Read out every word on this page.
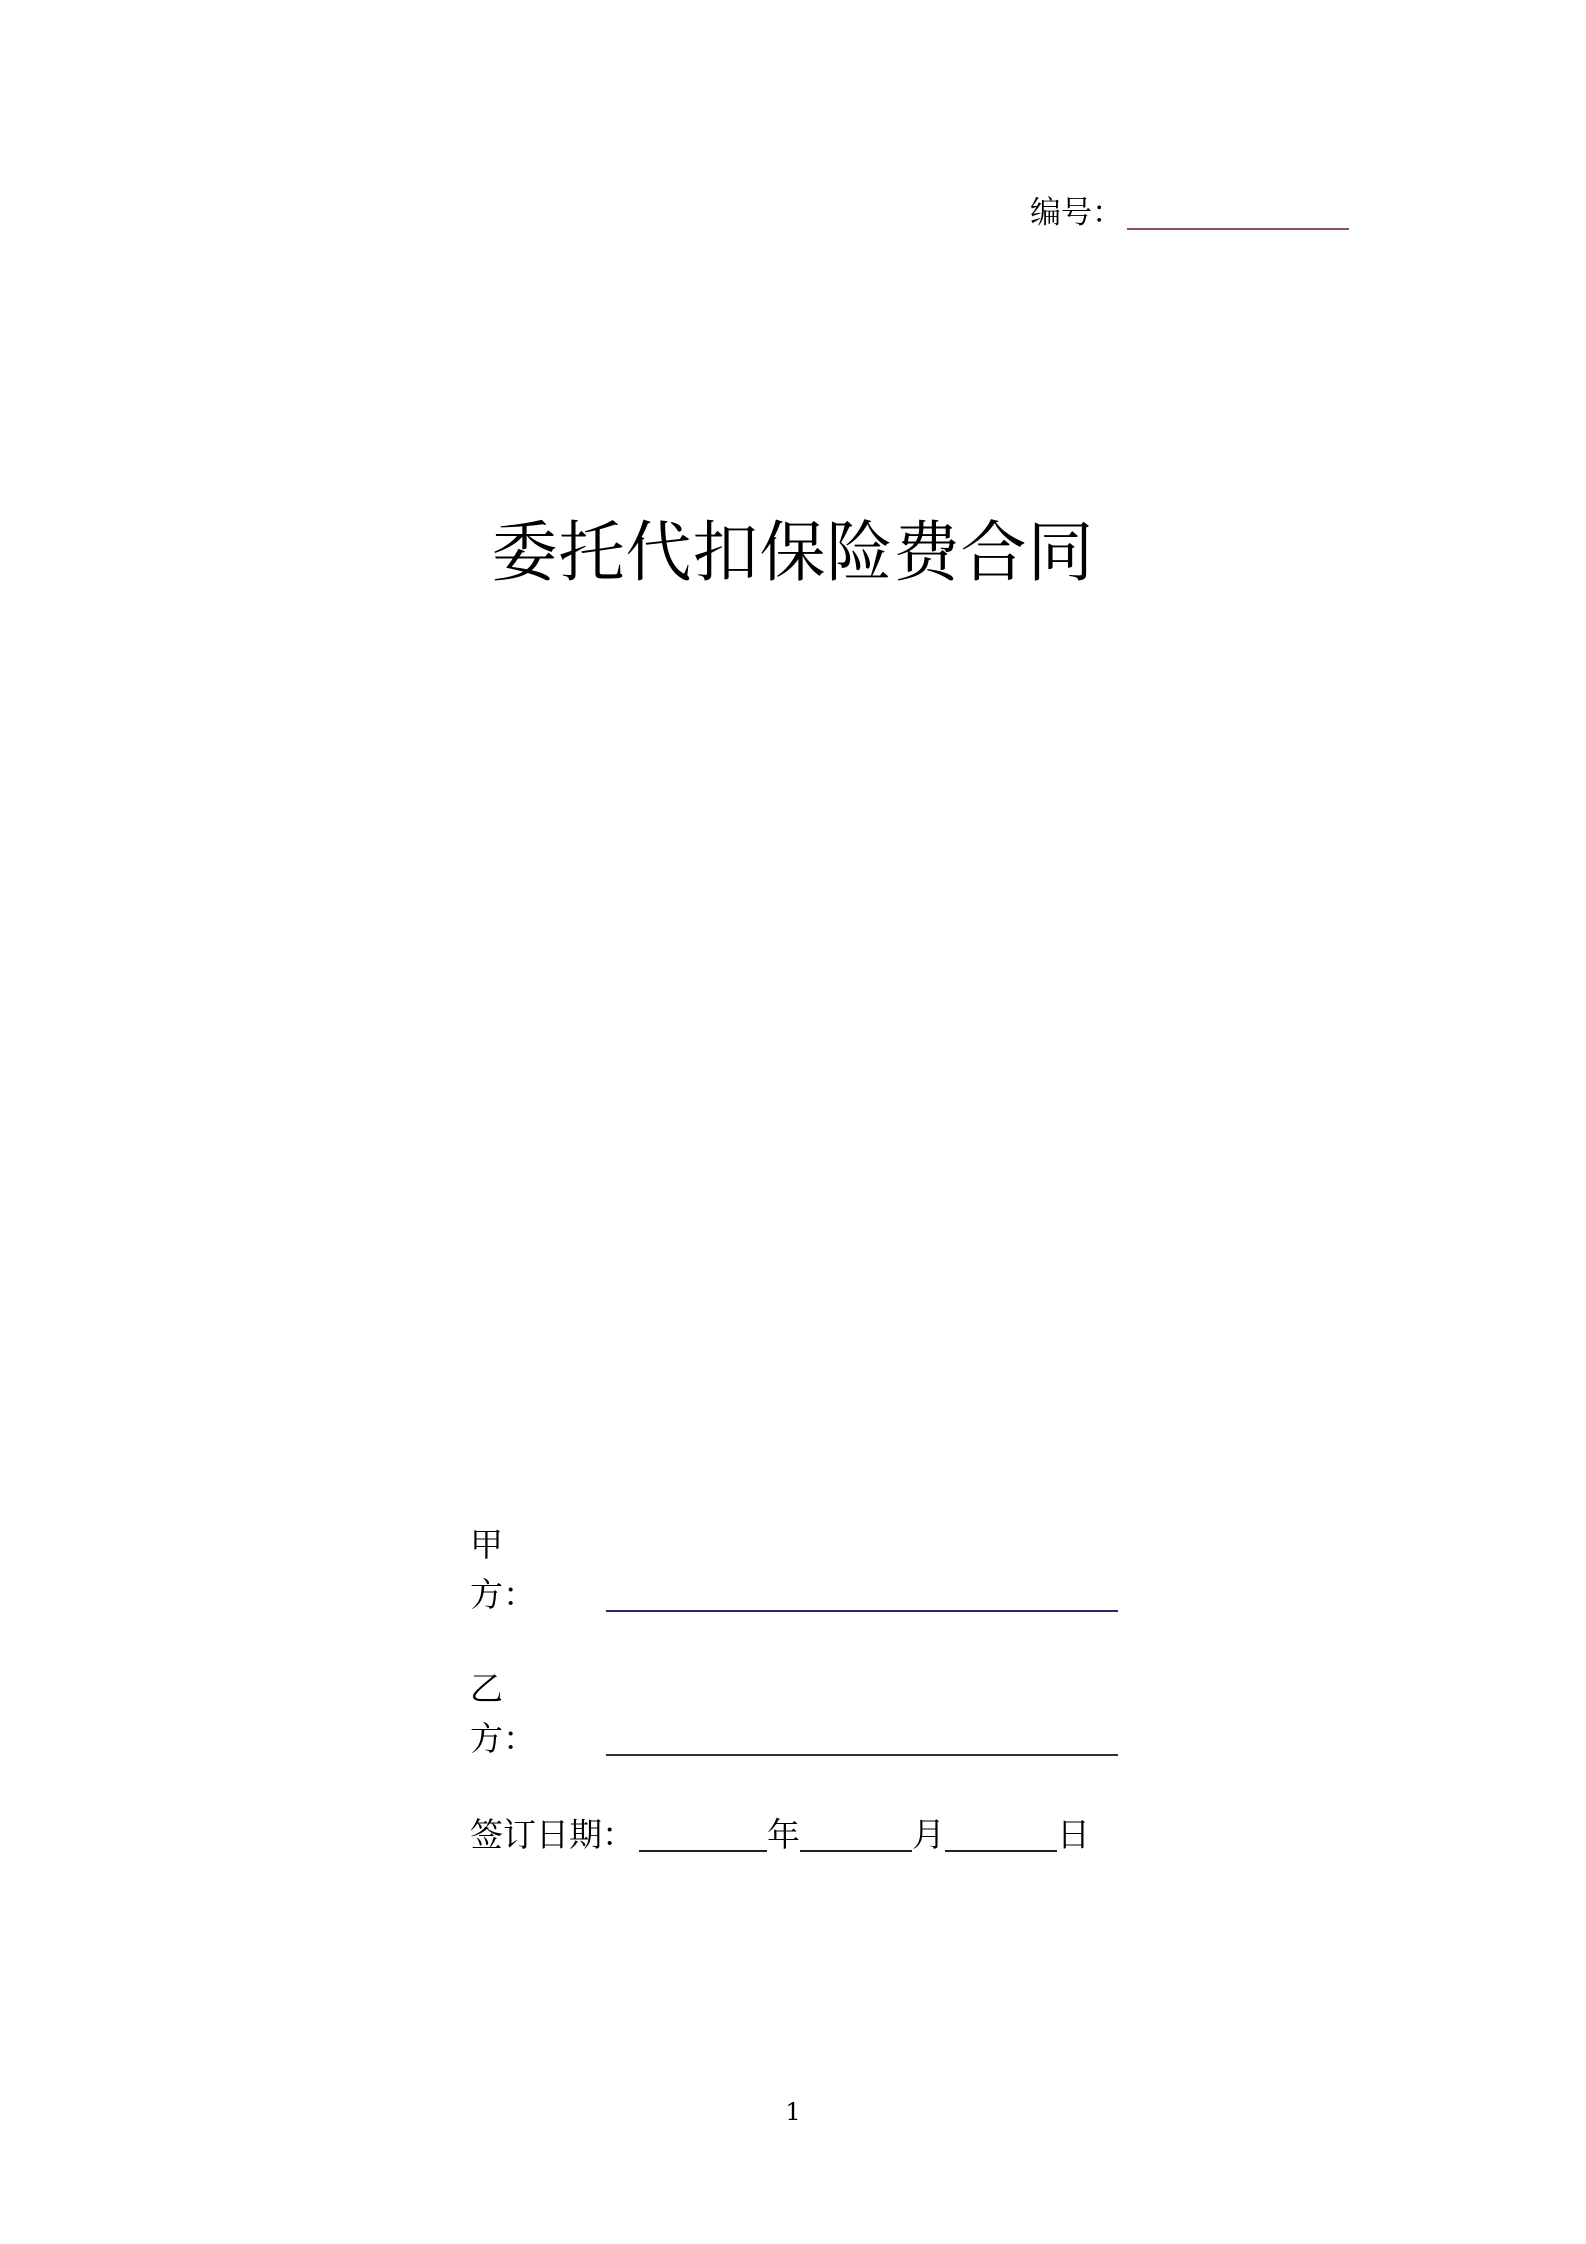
编号：
委托代扣保险费合同
甲方：
乙方：
签订日期：	年	月	日
1
